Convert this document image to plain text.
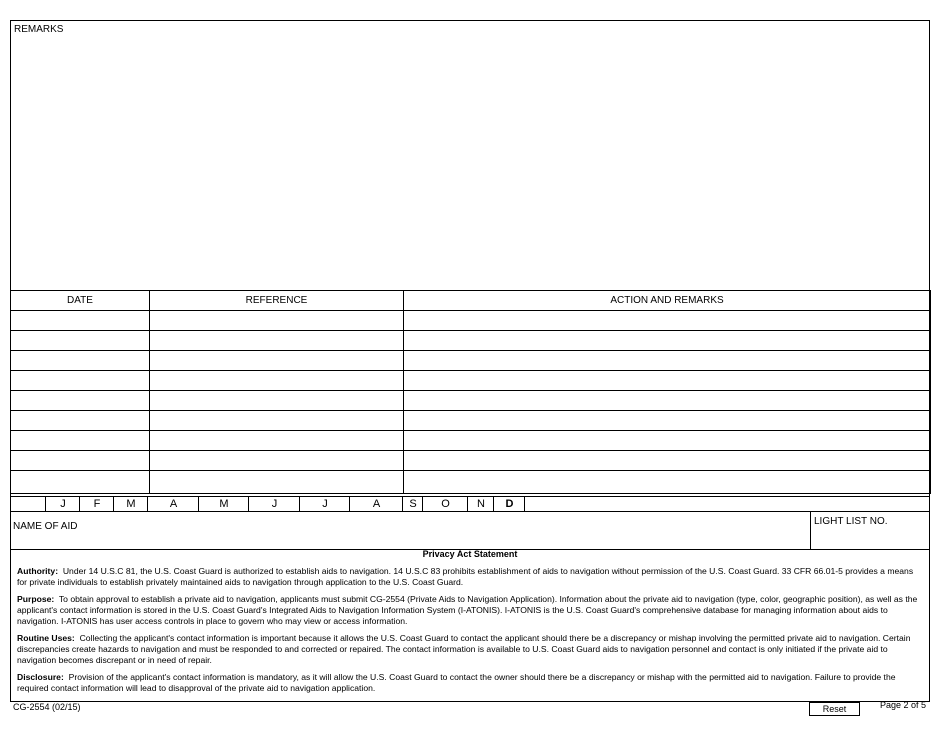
REMARKS
DATE	REFERENCE	ACTION AND REMARKS

J	F	M	A	M	J	J	A	S	O	N	D
NAME OF AID	LIGHT LIST NO.
Privacy Act Statement
Authority: Under 14 U.S.C 81, the U.S. Coast Guard is authorized to establish aids to navigation. 14 U.S.C 83 prohibits establishment of aids to navigation without permission of the U.S. Coast Guard. 33 CFR 66.01-5 provides a means for private individuals to establish privately maintained aids to navigation through application to the U.S. Coast Guard.
Purpose: To obtain approval to establish a private aid to navigation, applicants must submit CG-2554 (Private Aids to Navigation Application). Information about the private aid to navigation (type, color, geographic position), as well as the applicant's contact information is stored in the U.S. Coast Guard's Integrated Aids to Navigation Information System (I-ATONIS). I-ATONIS is the U.S. Coast Guard's comprehensive database for managing information about aids to navigation. I-ATONIS has user access controls in place to govern who may view or access information.
Routine Uses: Collecting the applicant's contact information is important because it allows the U.S. Coast Guard to contact the applicant should there be a discrepancy or mishap involving the permitted private aid to navigation. Certain discrepancies create hazards to navigation and must be responded to and corrected or repaired. The contact information is available to U.S. Coast Guard aids to navigation personnel and contact is only initiated if the private aid to navigation becomes discrepant or in need of repair.
Disclosure: Provision of the applicant's contact information is mandatory, as it will allow the U.S. Coast Guard to contact the owner should there be a discrepancy or mishap with the permitted aid to navigation. Failure to provide the required contact information will lead to disapproval of the private aid to navigation application.
CG-2554 (02/15)	Reset	Page 2 of 5
